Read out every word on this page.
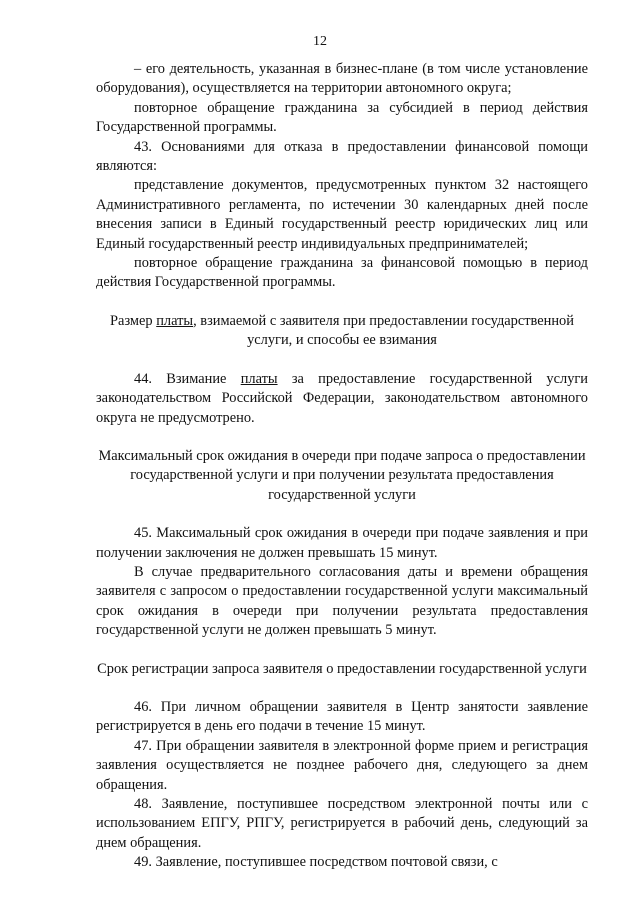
12

– его деятельность, указанная в бизнес-плане (в том числе установление оборудования), осуществляется на территории автономного округа;

повторное обращение гражданина за субсидией в период действия Государственной программы.

43. Основаниями для отказа в предоставлении финансовой помощи являются:

представление документов, предусмотренных пунктом 32 настоящего Административного регламента, по истечении 30 календарных дней после внесения записи в Единый государственный реестр юридических лиц или Единый государственный реестр индивидуальных предпринимателей;

повторное обращение гражданина за финансовой помощью в период действия Государственной программы.

Размер платы, взимаемой с заявителя при предоставлении государственной услуги, и способы ее взимания

44. Взимание платы за предоставление государственной услуги законодательством Российской Федерации, законодательством автономного округа не предусмотрено.

Максимальный срок ожидания в очереди при подаче запроса о предоставлении государственной услуги и при получении результата предоставления государственной услуги

45. Максимальный срок ожидания в очереди при подаче заявления и при получении заключения не должен превышать 15 минут.

В случае предварительного согласования даты и времени обращения заявителя с запросом о предоставлении государственной услуги максимальный срок ожидания в очереди при получении результата предоставления государственной услуги не должен превышать 5 минут.

Срок регистрации запроса заявителя о предоставлении государственной услуги

46. При личном обращении заявителя в Центр занятости заявление регистрируется в день его подачи в течение 15 минут.

47. При обращении заявителя в электронной форме прием и регистрация заявления осуществляется не позднее рабочего дня, следующего за днем обращения.

48. Заявление, поступившее посредством электронной почты или с использованием ЕПГУ, РПГУ, регистрируется в рабочий день, следующий за днем обращения.

49. Заявление, поступившее посредством почтовой связи, с
